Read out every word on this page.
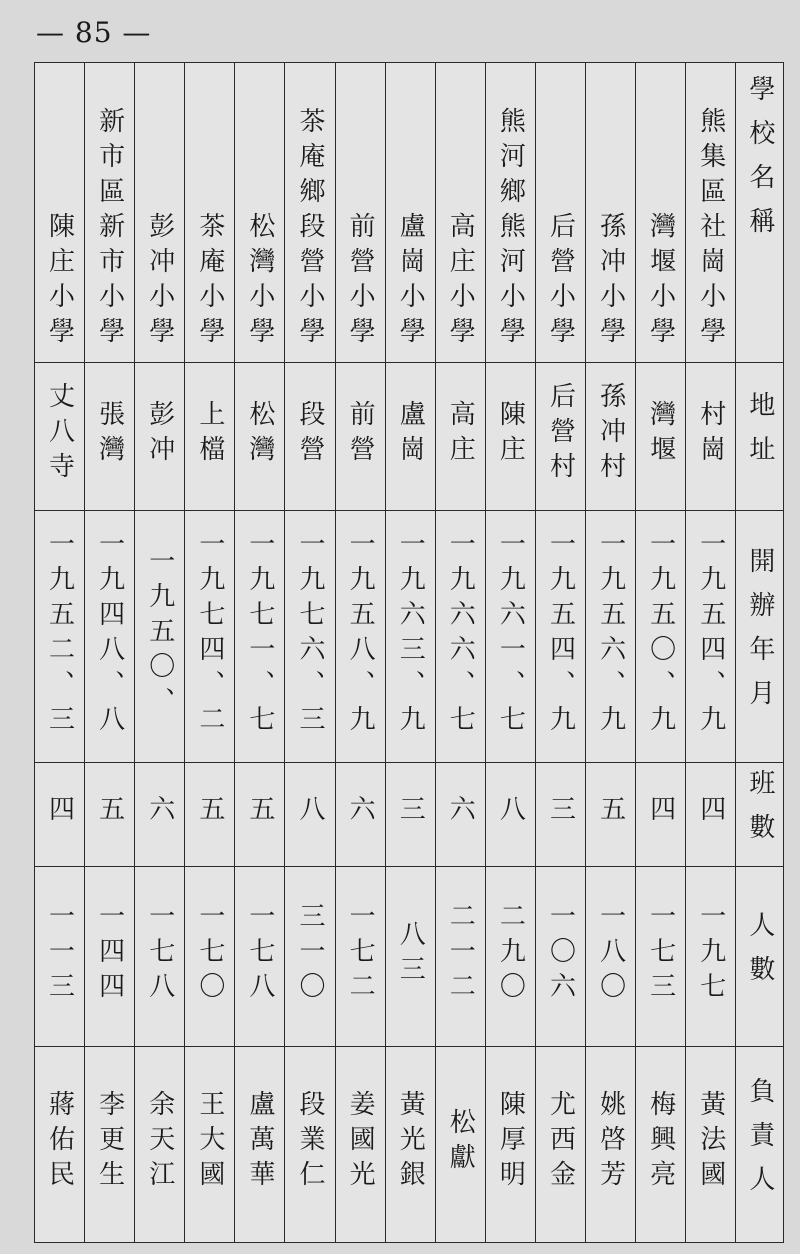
— 85 —
陳庄小學	新市區新市小學	彭冲小學	茶庵小學	松灣小學	茶庵鄉段營小學	前營小學	盧崗小學	高庄小學	熊河鄉熊河小學	后營小學	孫冲小學	灣堰小學	熊集區社崗小學	學校名稱
丈八寺	張灣	彭冲	上檔	松灣	段營	前營	盧崗	高庄	陳庄	后營村	孫冲村	灣堰	村崗	地址
一九五二、三	一九四八、八	一九五〇、	一九七四、二	一九七一、七	一九七六、三	一九五八、九	一九六三、九	一九六六、七	一九六一、七	一九五四、九	一九五六、九	一九五〇、九	一九五四、九	開辦年月
四	五	六	五	五	八	六	三	六	八	三	五	四	四	班數
一一三	一四四	一七八	一七〇	一七八	三一〇	一七二	八三	二一二	二九〇	一〇六	一八〇	一七三	一九七	人數
蔣佑民	李更生	余天江	王大國	盧萬華	段業仁	姜國光	黃光銀	松獻	陳厚明	尤西金	姚啓芳	梅興亮	黃法國	負責人
